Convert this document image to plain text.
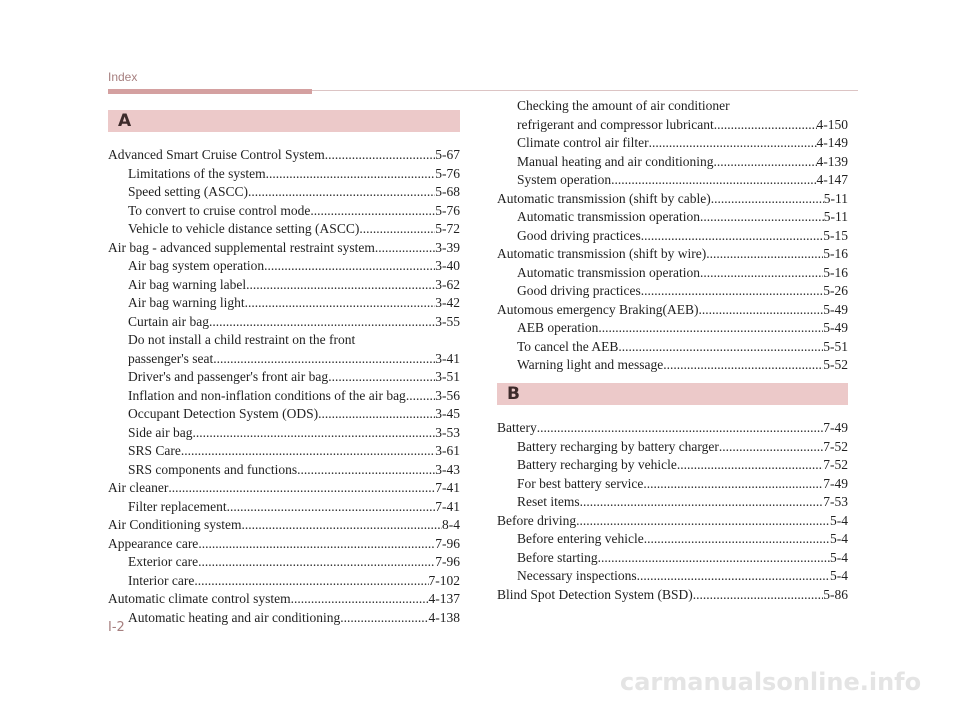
Index
A
B
Advanced Smart Cruise Control System .....	5-67
Limitations of the system .....	5-76
Speed setting (ASCC) .....	5-68
To convert to cruise control mode .....	5-76
Vehicle to vehicle distance setting (ASCC) .....	5-72
Air bag - advanced supplemental restraint system .....	3-39
Air bag system operation .....	3-40
Air bag warning label .....	3-62
Air bag warning light .....	3-42
Curtain air bag .....	3-55
Do not install a child restraint on the front
passenger's seat .....	3-41
Driver's and passenger's front air bag .....	3-51
Inflation and non-inflation conditions of the air bag ..... 3-56
Occupant Detection System (ODS) .....	3-45
Side air bag .....	3-53
SRS Care .....	3-61
SRS components and functions .....	3-43
Air cleaner .....	7-41
Filter replacement .....	7-41
Air Conditioning system .....	8-4
Appearance care .....	7-96
Exterior care .....	7-96
Interior care .....	7-102
Automatic climate control system .....	4-137
Automatic heating and air conditioning .....	4-138
Checking the amount of air conditioner
refrigerant and compressor lubricant .....	4-150
Climate control air filter .....	4-149
Manual heating and air conditioning .....	4-139
System operation .....	4-147
Automatic transmission (shift by cable) .....	5-11
Automatic transmission operation .....	5-11
Good driving practices .....	5-15
Automatic transmission (shift by wire) .....	5-16
Automatic transmission operation .....	5-16
Good driving practices .....	5-26
Automous emergency Braking(AEB) .....	5-49
AEB operation .....	5-49
To cancel the AEB .....	5-51
Warning light and message .....	5-52
Battery .....	7-49
Battery recharging by battery charger .....	7-52
Battery recharging by vehicle .....	7-52
For best battery service .....	7-49
Reset items .....	7-53
Before driving .....	5-4
Before entering vehicle .....	5-4
Before starting .....	5-4
Necessary inspections .....	5-4
Blind Spot Detection System (BSD) .....	5-86
I-2
carmanualsonline.info
